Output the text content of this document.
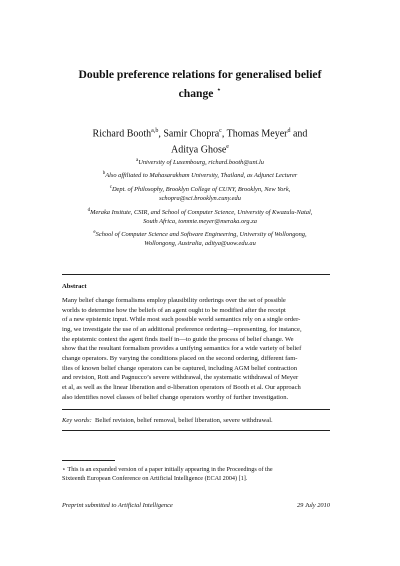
Double preference relations for generalised belief
change ⋆
Richard Booth$^{a,b}$, Samir Chopra$^c$, Thomas Meyer$^d$ and
Aditya Ghose$^e$
$^a$University of Luxembourg, richard.booth@uni.lu
$^b$Also affiliated to Mahasarakham University, Thailand, as Adjunct Lecturer
$^c$Dept. of Philosophy, Brooklyn College of CUNY, Brooklyn, New York,
schopra@sci.brooklyn.cuny.edu
$^d$Meraka Insitute, CSIR, and School of Computer Science, University of Kwazulu-Natal,
South Africa, tommie.meyer@meraka.org.za
$^e$School of Computer Science and Software Engineering, University of Wollongong,
Wollongong, Australia, aditya@uow.edu.au
Abstract
Many belief change formalisms employ plausibility orderings over the set of possible
worlds to determine how the beliefs of an agent ought to be modified after the receipt
of a new epistemic input. While most such possible world semantics rely on a single order-
ing, we investigate the use of an additional preference ordering—representing, for instance,
the epistemic context the agent finds itself in—to guide the process of belief change. We
show that the resultant formalism provides a unifying semantics for a wide variety of belief
change operators. By varying the conditions placed on the second ordering, different fam-
ilies of known belief change operators can be captured, including AGM belief contraction
and revision, Rott and Pagnucco’s severe withdrawal, the systematic withdrawal of Meyer
et al, as well as the linear liberation and σ-liberation operators of Booth et al. Our approach
also identifies novel classes of belief change operators worthy of further investigation.
Key words: Belief revision, belief removal, belief liberation, severe withdrawal.
⋆ This is an expanded version of a paper initially appearing in the Proceedings of the
Sixteenth European Conference on Artificial Intelligence (ECAI 2004) [1].
Preprint submitted to Artificial Intelligence	29 July 2010
